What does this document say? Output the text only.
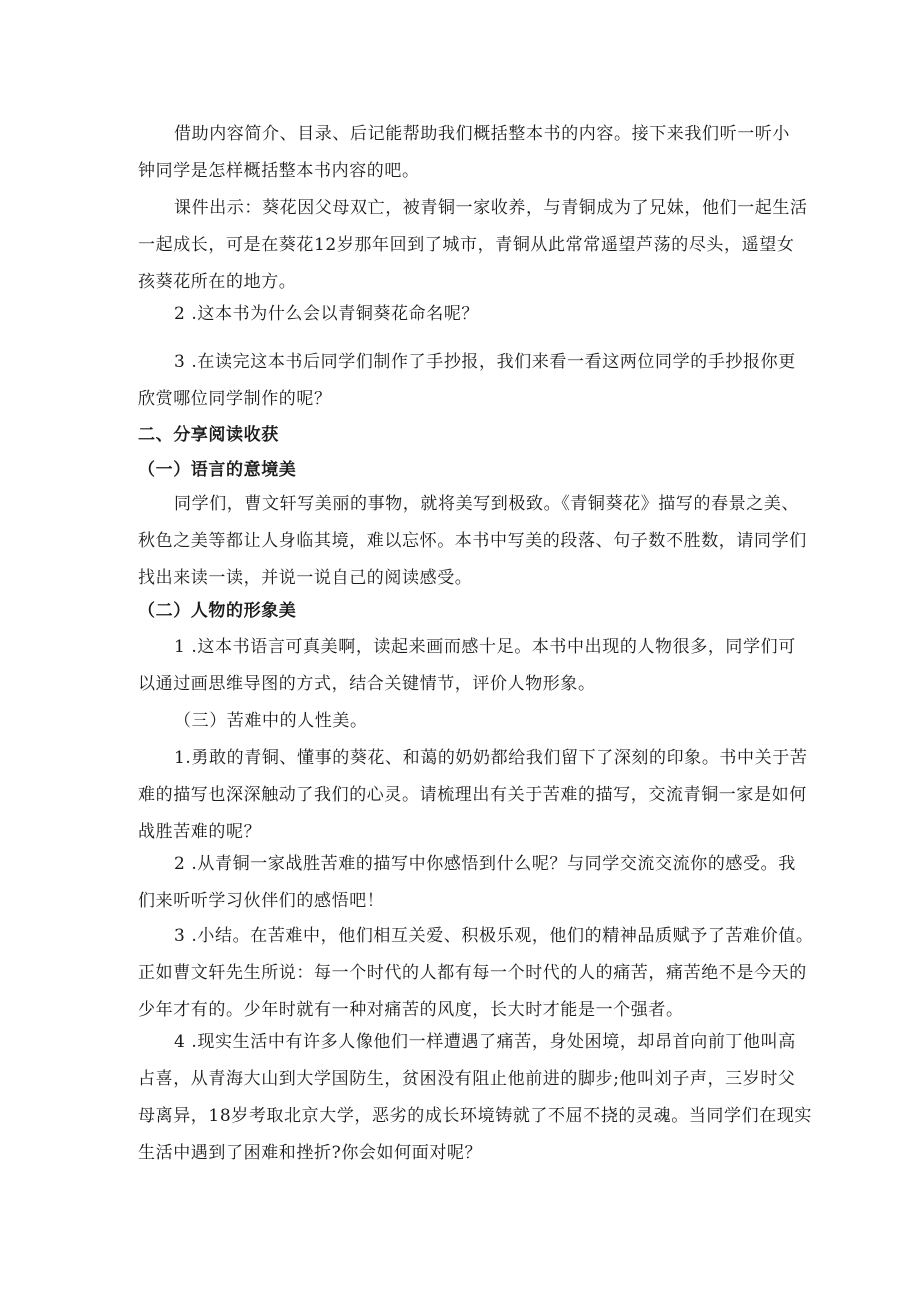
借助内容简介、目录、后记能帮助我们概括整本书的内容。接下来我们听一听小
钟同学是怎样概括整本书内容的吧。
课件出示：葵花因父母双亡，被青铜一家收养，与青铜成为了兄妹，他们一起生活
一起成长，可是在葵花12岁那年回到了城市，青铜从此常常遥望芦荡的尽头，遥望女
孩葵花所在的地方。
2 .这本书为什么会以青铜葵花命名呢？
3 .在读完这本书后同学们制作了手抄报，我们来看一看这两位同学的手抄报你更
欣赏哪位同学制作的呢？
二、分享阅读收获
（一）语言的意境美
同学们，曹文轩写美丽的事物，就将美写到极致。《青铜葵花》描写的春景之美、
秋色之美等都让人身临其境，难以忘怀。本书中写美的段落、句子数不胜数，请同学们
找出来读一读，并说一说自己的阅读感受。
（二）人物的形象美
1 .这本书语言可真美啊，读起来画而感十足。本书中出现的人物很多，同学们可
以通过画思维导图的方式，结合关键情节，评价人物形象。
（三）苦难中的人性美。
1.勇敢的青铜、懂事的葵花、和蔼的奶奶都给我们留下了深刻的印象。书中关于苦
难的描写也深深触动了我们的心灵。请梳理出有关于苦难的描写，交流青铜一家是如何
战胜苦难的呢？
2 .从青铜一家战胜苦难的描写中你感悟到什么呢？与同学交流交流你的感受。我
们来听听学习伙伴们的感悟吧！
3 .小结。在苦难中，他们相互关爱、积极乐观，他们的精神品质赋予了苦难价值。
正如曹文轩先生所说：每一个时代的人都有每一个时代的人的痛苦，痛苦绝不是今天的
少年才有的。少年时就有一种对痛苦的风度，长大时才能是一个强者。
4 .现实生活中有许多人像他们一样遭遇了痛苦，身处困境，却昂首向前丁他叫高
占喜，从青海大山到大学国防生，贫困没有阻止他前进的脚步;他叫刘子声，三岁时父
母离异，18岁考取北京大学，恶劣的成长环境铸就了不屈不挠的灵魂。当同学们在现实
生活中遇到了困难和挫折?你会如何面对呢？
